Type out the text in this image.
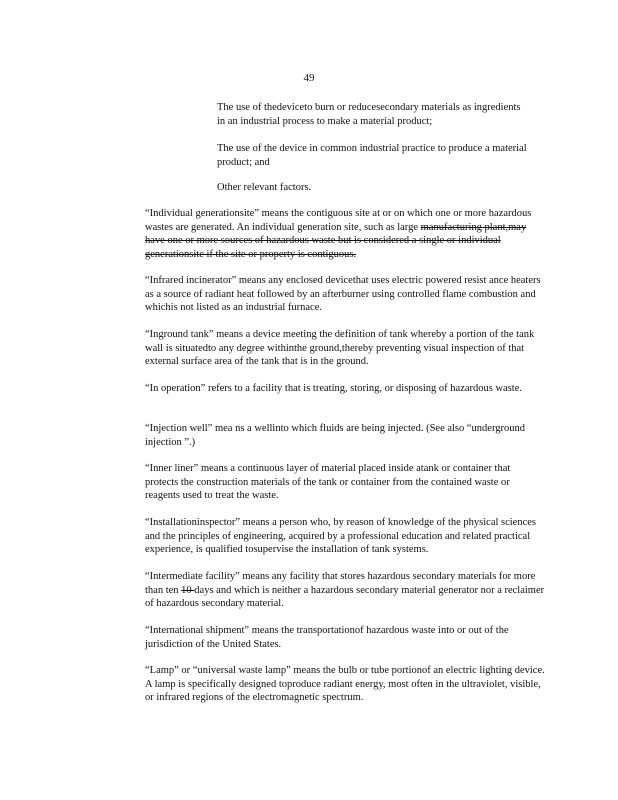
49
The use of thedeviceto burn or reducesecondary materials as ingredients in an industrial process to make a material product;
The use of the device in common industrial practice to produce a material product; and
Other relevant factors.
“Individual generationsite” means the contiguous site at or on which one or more hazardous wastes are generated. An individual generation site, such as large manufacturing plant,may have one or more sources of hazardous waste but is considered a single or individual generationsite if the site or property is contiguous.
“Infrared incinerator” means any enclosed devicethat uses electric powered resist ance heaters as a source of radiant heat followed by an afterburner using controlled flame combustion and whichis not listed as an industrial furnace.
“Inground tank” means a device meeting the definition of tank whereby a portion of the tank wall is situatedto any degree withinthe ground,thereby preventing visual inspection of that external surface area of the tank that is in the ground.
“In operation” refers to a facility that is treating, storing, or disposing of hazardous waste.
“Injection well” mea ns a wellinto which fluids are being injected. (See also “underground injection ”.)
“Inner liner” means a continuous layer of material placed inside atank or container that protects the construction materials of the tank or container from the contained waste or reagents used to treat the waste.
“Installationinspector” means a person who, by reason of knowledge of the physical sciences and the principles of engineering, acquired by a professional education and related practical experience, is qualified tosupervise the installation of tank systems.
“Intermediate facility” means any facility that stores hazardous secondary materials for more than ten 10 days and which is neither a hazardous secondary material generator nor a reclaimer of hazardous secondary material.
“International shipment” means the transportationof hazardous waste into or out of the jurisdiction of the United States.
“Lamp” or “universal waste lamp” means the bulb or tube portionof an electric lighting device. A lamp is specifically designed toproduce radiant energy, most often in the ultraviolet, visible, or infrared regions of the electromagnetic spectrum.
